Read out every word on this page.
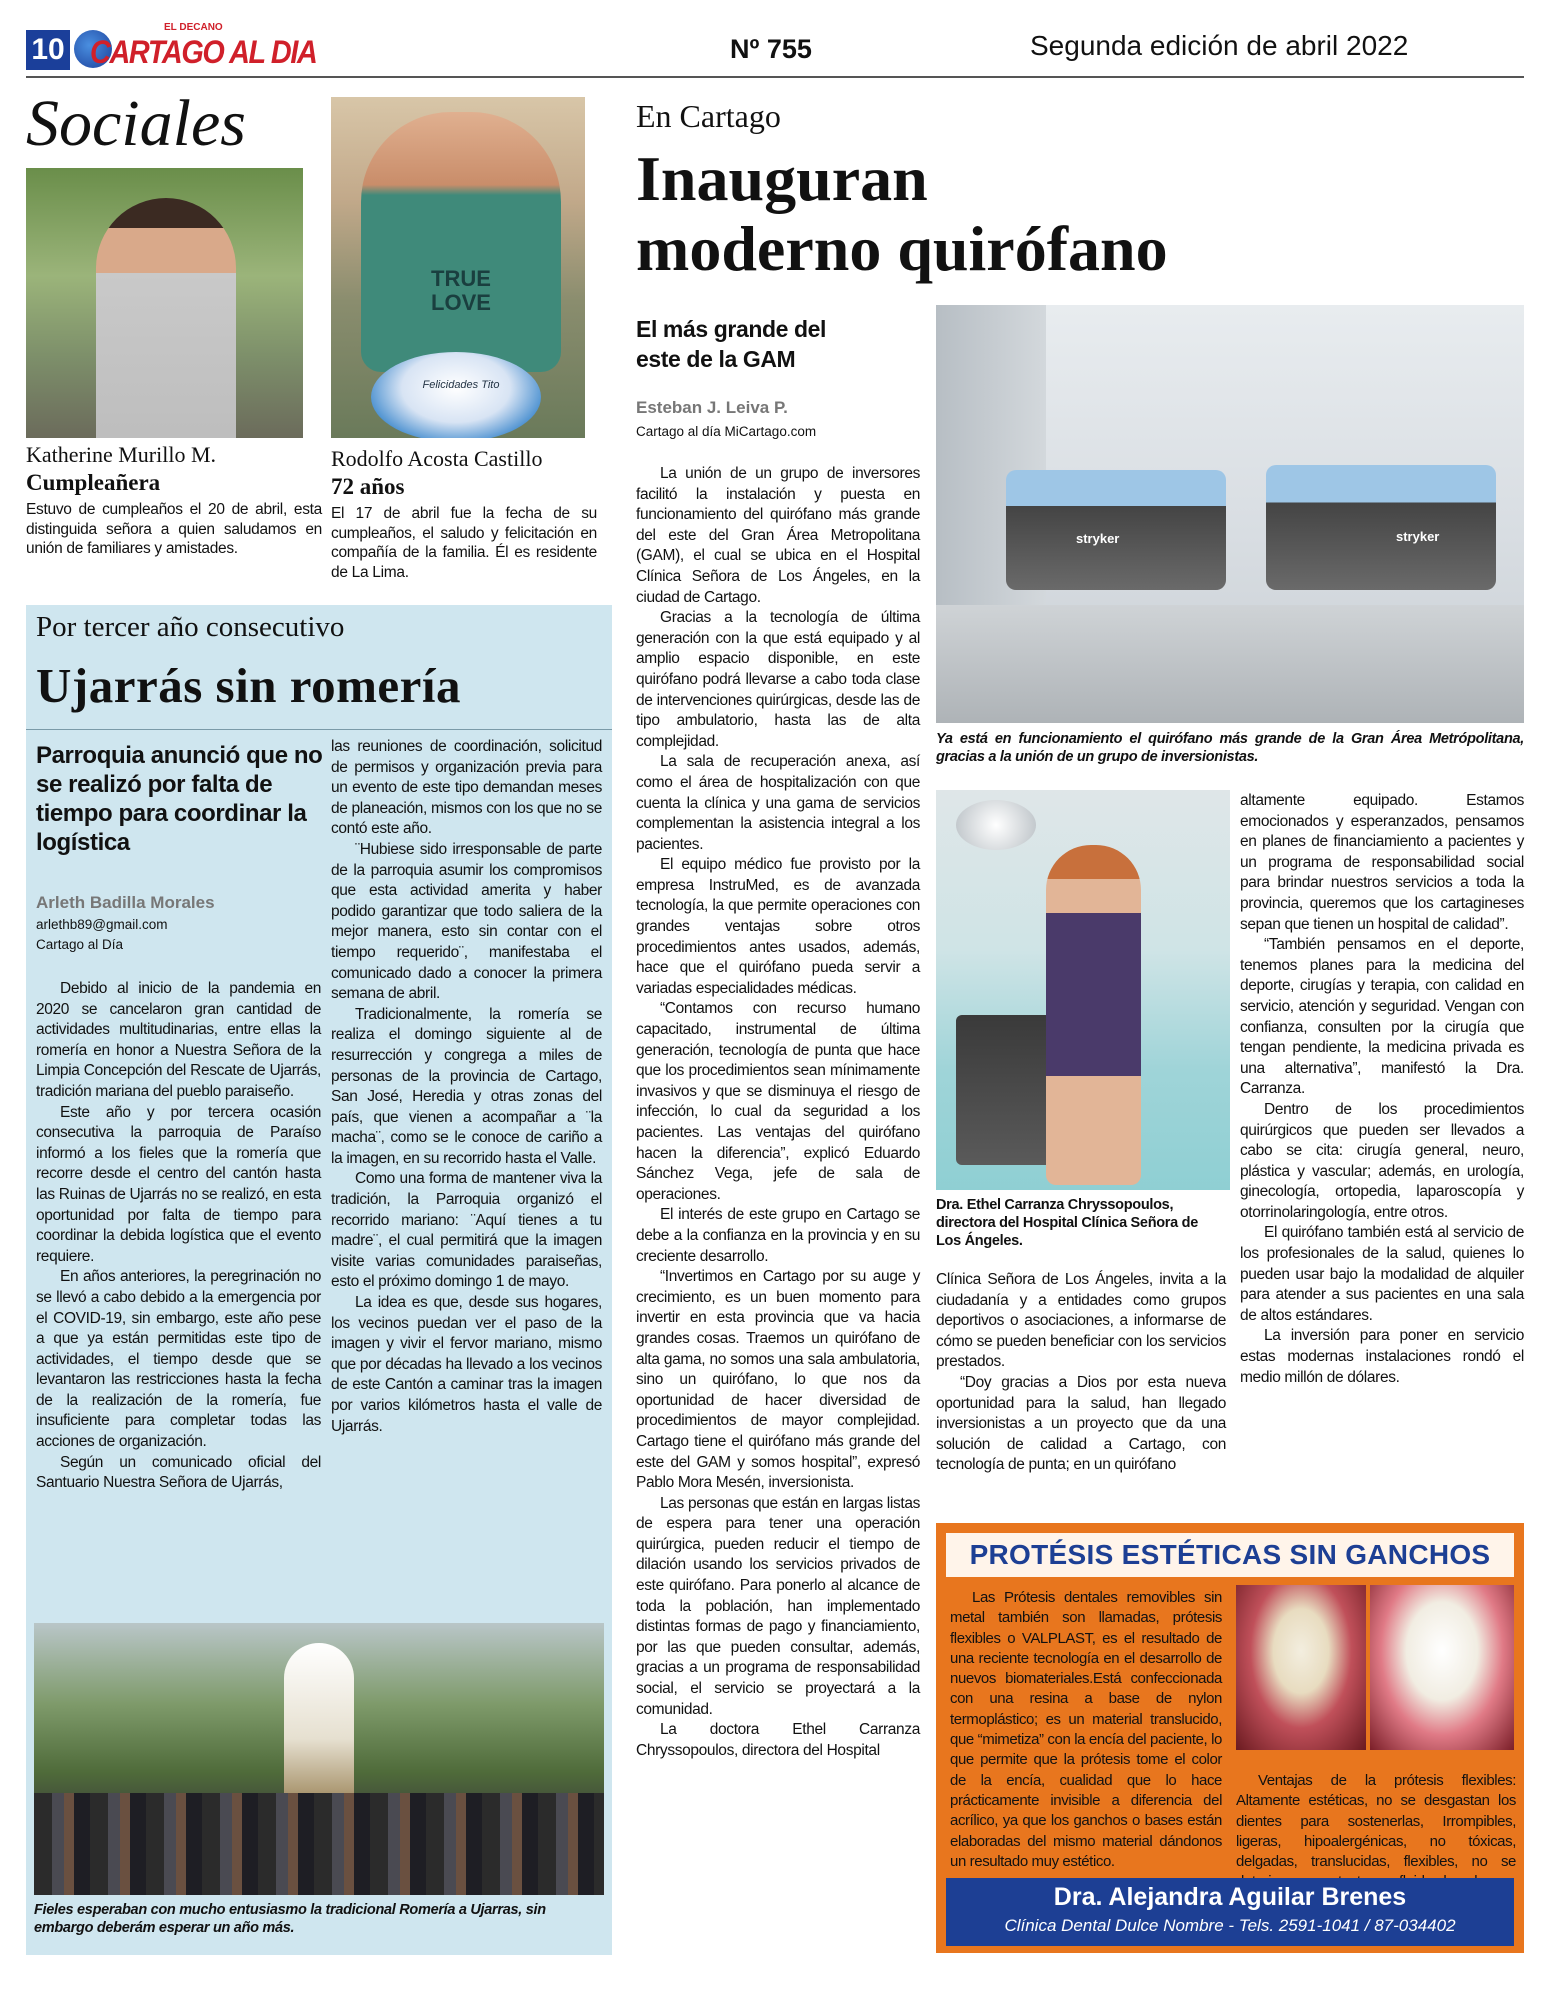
10
EL DECANO
CARTAGO AL DIA	Nº 755	Segunda edición de abril 2022
Sociales
Katherine Murillo M.
Cumpleañera
Estuvo de cumpleaños el 20 de abril, esta distinguida señora a quien saludamos en unión de familiares y amistades.
TRUE LOVE
Felicidades Tito
Rodolfo Acosta Castillo
72 años
El 17 de abril fue la fecha de su cumpleaños, el saludo y felicitación en compañía de la familia. Él es residente de La Lima.
Por tercer año consecutivo
Ujarrás sin romería
Parroquia anunció que no se realizó por falta de tiempo para coordinar la logística
Arleth Badilla Morales
arlethb89@gmail.com
Cartago al Día

Debido al inicio de la pandemia en 2020 se cancelaron gran cantidad de actividades multitudinarias, entre ellas la romería en honor a Nuestra Señora de la Limpia Concepción del Rescate de Ujarrás, tradición mariana del pueblo paraiseño.

Este año y por tercera ocasión consecutiva la parroquia de Paraíso informó a los fieles que la romería que recorre desde el centro del cantón hasta las Ruinas de Ujarrás no se realizó, en esta oportunidad por falta de tiempo para coordinar la debida logística que el evento requiere.

En años anteriores, la peregrinación no se llevó a cabo debido a la emergencia por el COVID-19, sin embargo, este año pese a que ya están permitidas este tipo de actividades, el tiempo desde que se levantaron las restricciones hasta la fecha de la realización de la romería, fue insuficiente para completar todas las acciones de organización.

Según un comunicado oficial del Santuario Nuestra Señora de Ujarrás,

las reuniones de coordinación, solicitud de permisos y organización previa para un evento de este tipo demandan meses de planeación, mismos con los que no se contó este año.

¨Hubiese sido irresponsable de parte de la parroquia asumir los compromisos que esta actividad amerita y haber podido garantizar que todo saliera de la mejor manera, esto sin contar con el tiempo requerido¨, manifestaba el comunicado dado a conocer la primera semana de abril.

Tradicionalmente, la romería se realiza el domingo siguiente al de resurrección y congrega a miles de personas de la provincia de Cartago, San José, Heredia y otras zonas del país, que vienen a acompañar a ¨la macha¨, como se le conoce de cariño a la imagen, en su recorrido hasta el Valle.

Como una forma de mantener viva la tradición, la Parroquia organizó el recorrido mariano: ¨Aquí tienes a tu madre¨, el cual permitirá que la imagen visite varias comunidades paraiseñas, esto el próximo domingo 1 de mayo.

La idea es que, desde sus hogares, los vecinos puedan ver el paso de la imagen y vivir el fervor mariano, mismo que por décadas ha llevado a los vecinos de este Cantón a caminar tras la imagen por varios kilómetros hasta el valle de Ujarrás.

Fieles esperaban con mucho entusiasmo la tradicional Romería a Ujarras, sin embargo deberám esperar un año más.
En Cartago
Inauguran
moderno quirófano
El más grande del este de la GAM
Esteban J. Leiva P.
Cartago al día MiCartago.com

La unión de un grupo de inversores facilitó la instalación y puesta en funcionamiento del quirófano más grande del este del Gran Área Metropolitana (GAM), el cual se ubica en el Hospital Clínica Señora de Los Ángeles, en la ciudad de Cartago.

Gracias a la tecnología de última generación con la que está equipado y al amplio espacio disponible, en este quirófano podrá llevarse a cabo toda clase de intervenciones quirúrgicas, desde las de tipo ambulatorio, hasta las de alta complejidad.

La sala de recuperación anexa, así como el área de hospitalización con que cuenta la clínica y una gama de servicios complementan la asistencia integral a los pacientes.

El equipo médico fue provisto por la empresa InstruMed, es de avanzada tecnología, la que permite operaciones con grandes ventajas sobre otros procedimientos antes usados, además, hace que el quirófano pueda servir a variadas especialidades médicas.

“Contamos con recurso humano capacitado, instrumental de última generación, tecnología de punta que hace que los procedimientos sean mínimamente invasivos y que se disminuya el riesgo de infección, lo cual da seguridad a los pacientes. Las ventajas del quirófano hacen la diferencia”, explicó Eduardo Sánchez Vega, jefe de sala de operaciones.

El interés de este grupo en Cartago se debe a la confianza en la provincia y en su creciente desarrollo.

“Invertimos en Cartago por su auge y crecimiento, es un buen momento para invertir en esta provincia que va hacia grandes cosas. Traemos un quirófano de alta gama, no somos una sala ambulatoria, sino un quirófano, lo que nos da oportunidad de hacer diversidad de procedimientos de mayor complejidad. Cartago tiene el quirófano más grande del este del GAM y somos hospital”, expresó Pablo Mora Mesén, inversionista.

Las personas que están en largas listas de espera para tener una operación quirúrgica, pueden reducir el tiempo de dilación usando los servicios privados de este quirófano. Para ponerlo al alcance de toda la población, han implementado distintas formas de pago y financiamiento, por las que pueden consultar, además, gracias a un programa de responsabilidad social, el servicio se proyectará a la comunidad.

La doctora Ethel Carranza Chryssopoulos, directora del Hospital

stryker	stryker
Ya está en funcionamiento el quirófano más grande de la Gran Área Metrópolitana, gracias a la unión de un grupo de inversionistas.
Dra. Ethel Carranza Chryssopoulos, directora del Hospital Clínica Señora de Los Ángeles.

Clínica Señora de Los Ángeles, invita a la ciudadanía y a entidades como grupos deportivos o asociaciones, a informarse de cómo se pueden beneficiar con los servicios prestados.

“Doy gracias a Dios por esta nueva oportunidad para la salud, han llegado inversionistas a un proyecto que da una solución de calidad a Cartago, con tecnología de punta; en un quirófano

altamente equipado. Estamos emocionados y esperanzados, pensamos en planes de financiamiento a pacientes y un programa de responsabilidad social para brindar nuestros servicios a toda la provincia, queremos que los cartagineses sepan que tienen un hospital de calidad”.

“También pensamos en el deporte, tenemos planes para la medicina del deporte, cirugías y terapia, con calidad en servicio, atención y seguridad. Vengan con confianza, consulten por la cirugía que tengan pendiente, la medicina privada es una alternativa”, manifestó la Dra. Carranza.

Dentro de los procedimientos quirúrgicos que pueden ser llevados a cabo se cita: cirugía general, neuro, plástica y vascular; además, en urología, ginecología, ortopedia, laparoscopía y otorrinolaringología, entre otros.

El quirófano también está al servicio de los profesionales de la salud, quienes lo pueden usar bajo la modalidad de alquiler para atender a sus pacientes en una sala de altos estándares.

La inversión para poner en servicio estas modernas instalaciones rondó el medio millón de dólares.

PROTÉSIS ESTÉTICAS SIN GANCHOS
Las Prótesis dentales removibles sin metal también son llamadas, prótesis flexibles o VALPLAST, es el resultado de una reciente tecnología en el desarrollo de nuevos biomateriales.Está confeccionada con una resina a base de nylon termoplástico; es un material translucido, que “mimetiza” con la encía del paciente, lo que permite que la prótesis tome el color de la encía, cualidad que lo hace prácticamente invisible a diferencia del acrílico, ya que los ganchos o bases están elaboradas del mismo material dándonos un resultado muy estético.
Ventajas de la prótesis flexibles: Altamente estéticas, no se desgastan los dientes para sostenerlas, Irrompibles, ligeras, hipoalergénicas, no tóxicas, delgadas, translucidas, flexibles, no se
Dra. Alejandra Aguilar Brenes
Clínica Dental Dulce Nombre - Tels. 2591-1041 / 87-034402
